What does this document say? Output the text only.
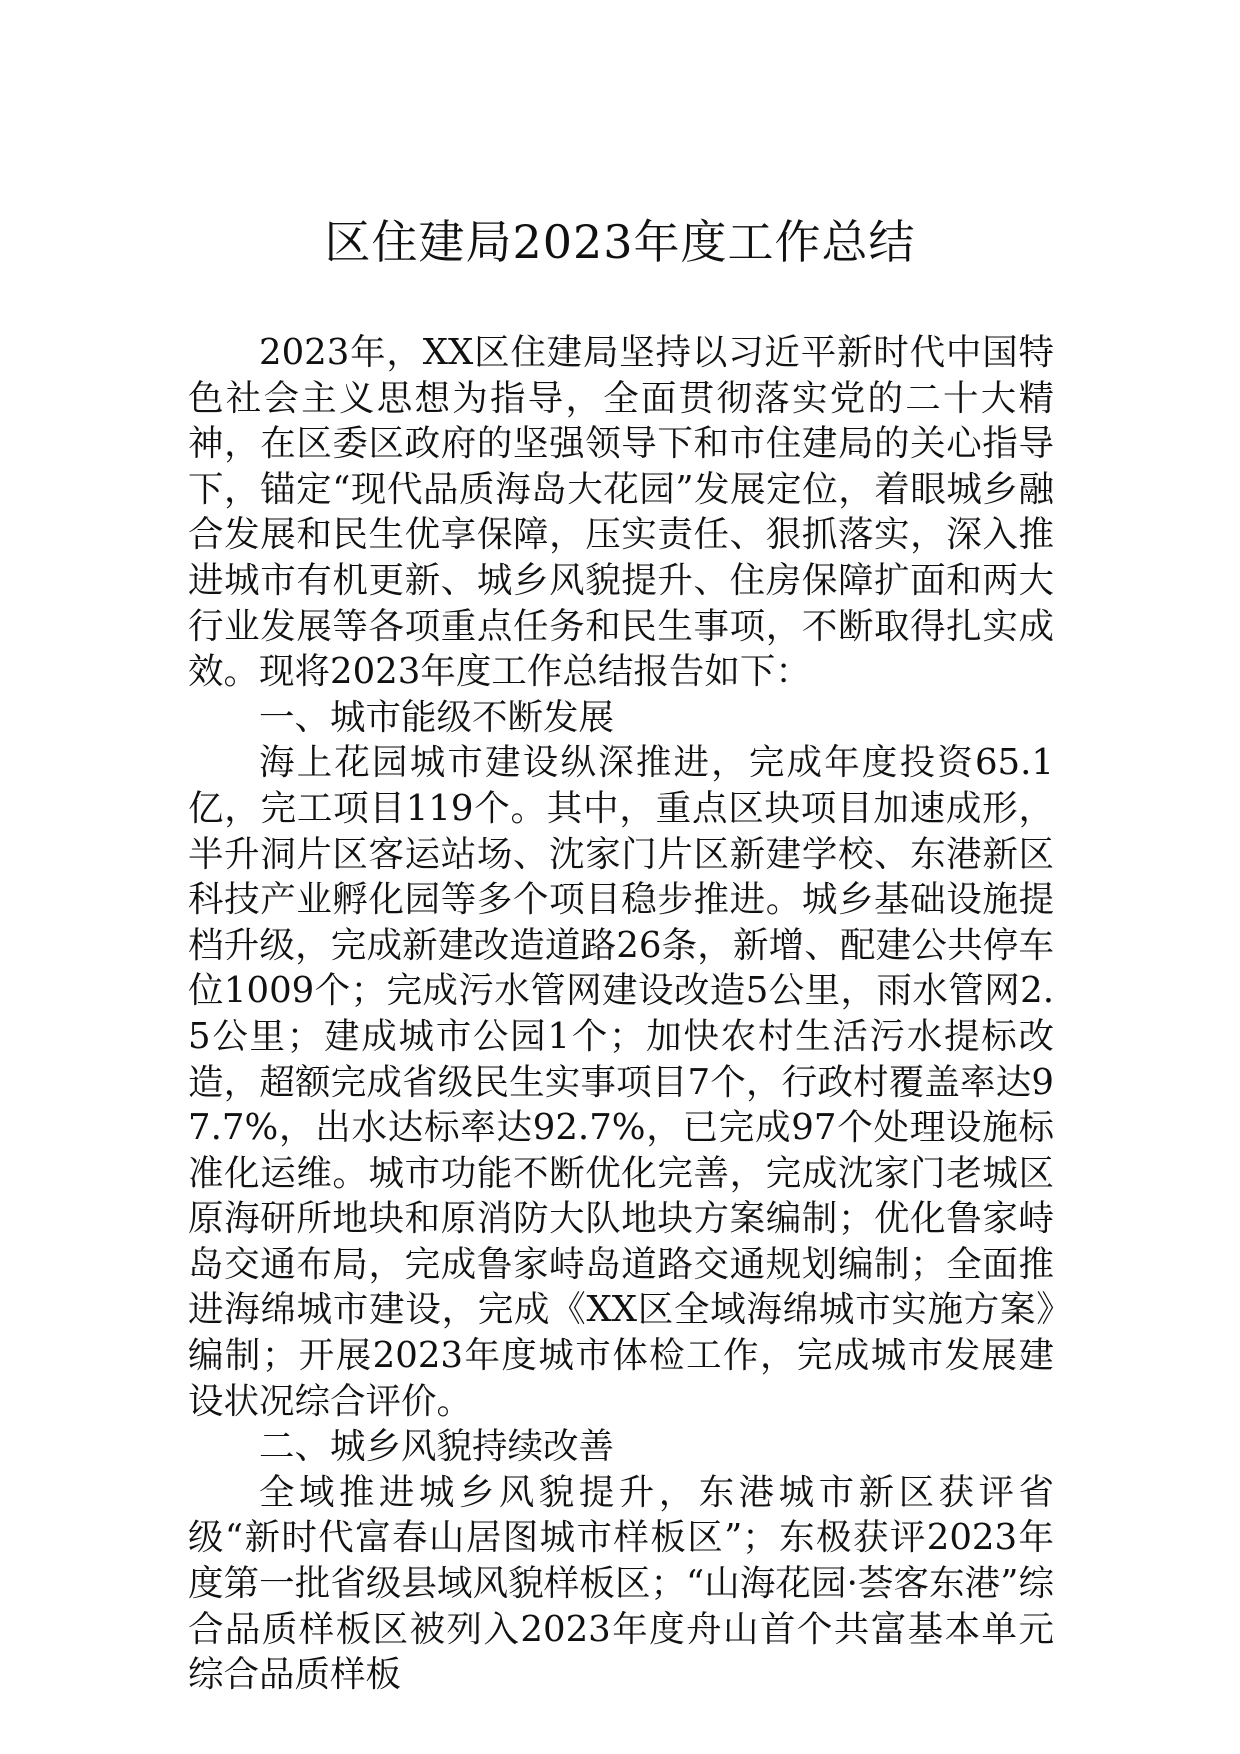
区住建局2023年度工作总结

2023年，XX区住建局坚持以习近平新时代中国特色社会主义思想为指导，全面贯彻落实党的二十大精神，在区委区政府的坚强领导下和市住建局的关心指导下，锚定“现代品质海岛大花园”发展定位，着眼城乡融合发展和民生优享保障，压实责任、狠抓落实，深入推进城市有机更新、城乡风貌提升、住房保障扩面和两大行业发展等各项重点任务和民生事项，不断取得扎实成效。现将2023年度工作总结报告如下：

一、城市能级不断发展

海上花园城市建设纵深推进，完成年度投资65.1亿，完工项目119个。其中，重点区块项目加速成形，半升洞片区客运站场、沈家门片区新建学校、东港新区科技产业孵化园等多个项目稳步推进。城乡基础设施提档升级，完成新建改造道路26条，新增、配建公共停车位1009个；完成污水管网建设改造5公里，雨水管网2.5公里；建成城市公园1个；加快农村生活污水提标改造，超额完成省级民生实事项目7个，行政村覆盖率达97.7%，出水达标率达92.7%，已完成97个处理设施标准化运维。城市功能不断优化完善，完成沈家门老城区原海研所地块和原消防大队地块方案编制；优化鲁家峙岛交通布局，完成鲁家峙岛道路交通规划编制；全面推进海绵城市建设，完成《XX区全域海绵城市实施方案》编制；开展2023年度城市体检工作，完成城市发展建设状况综合评价。

二、城乡风貌持续改善

全域推进城乡风貌提升，东港城市新区获评省级“新时代富春山居图城市样板区”；东极获评2023年度第一批省级县域风貌样板区；“山海花园·荟客东港”综合品质样板区被列入2023年度舟山首个共富基本单元综合品质样板
